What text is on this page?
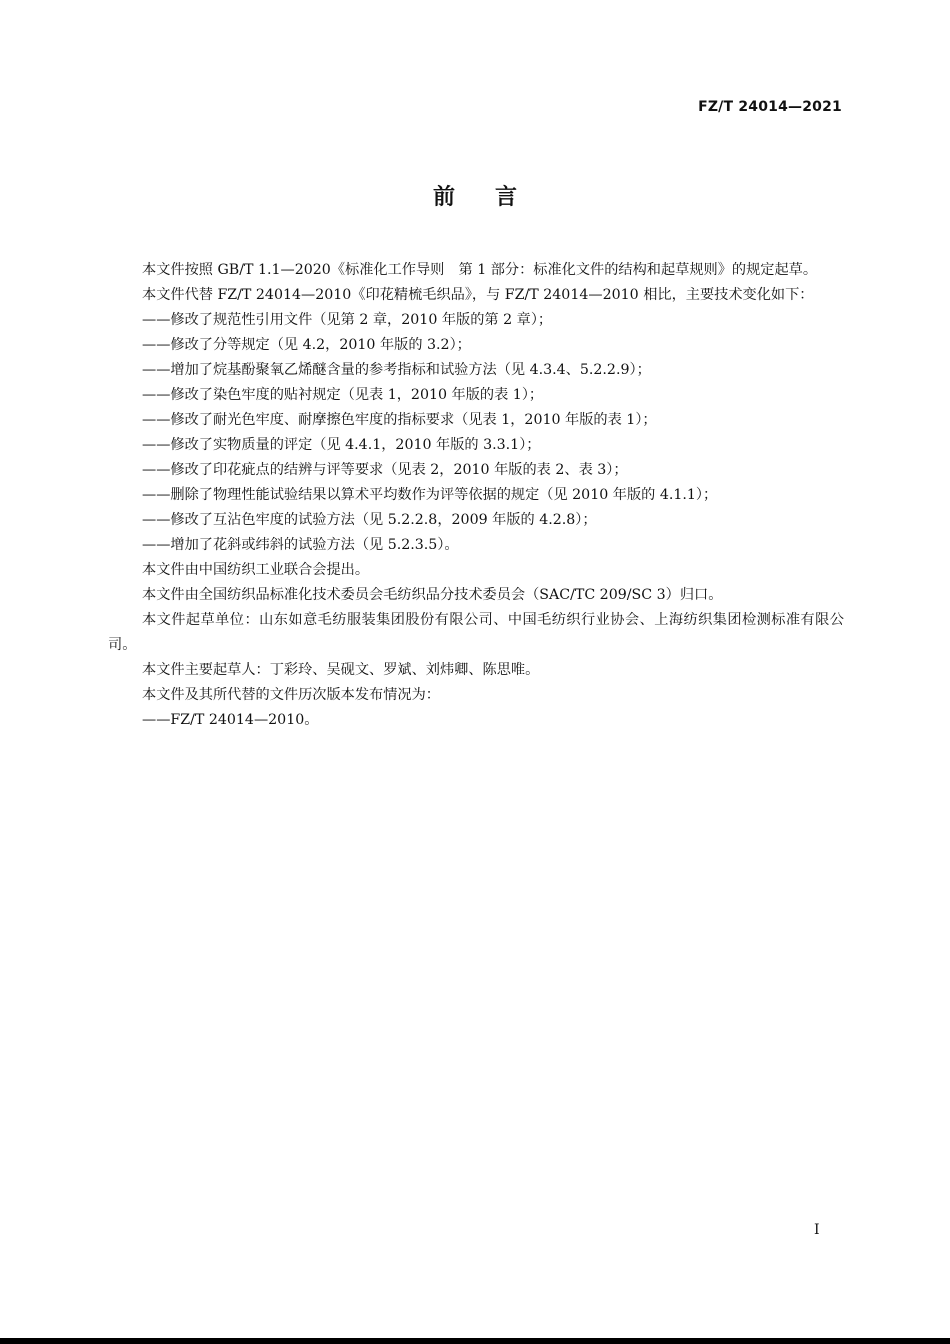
FZ/T 24014—2021
前言

本文件按照 GB/T 1.1—2020《标准化工作导则　第 1 部分：标准化文件的结构和起草规则》的规定起草。

本文件代替 FZ/T 24014—2010《印花精梳毛织品》，与 FZ/T 24014—2010 相比，主要技术变化如下：

——修改了规范性引用文件（见第 2 章，2010 年版的第 2 章）；

——修改了分等规定（见 4.2，2010 年版的 3.2）；

——增加了烷基酚聚氧乙烯醚含量的参考指标和试验方法（见 4.3.4、5.2.2.9）；

——修改了染色牢度的贴衬规定（见表 1，2010 年版的表 1）；

——修改了耐光色牢度、耐摩擦色牢度的指标要求（见表 1，2010 年版的表 1）；

——修改了实物质量的评定（见 4.4.1，2010 年版的 3.3.1）；

——修改了印花疵点的结辨与评等要求（见表 2，2010 年版的表 2、表 3）；

——删除了物理性能试验结果以算术平均数作为评等依据的规定（见 2010 年版的 4.1.1）；

——修改了互沾色牢度的试验方法（见 5.2.2.8，2009 年版的 4.2.8）；

——增加了花斜或纬斜的试验方法（见 5.2.3.5）。

本文件由中国纺织工业联合会提出。

本文件由全国纺织品标准化技术委员会毛纺织品分技术委员会（SAC/TC 209/SC 3）归口。

本文件起草单位：山东如意毛纺服装集团股份有限公司、中国毛纺织行业协会、上海纺织集团检测标准有限公司。

本文件主要起草人：丁彩玲、吴砚文、罗斌、刘炜卿、陈思唯。

本文件及其所代替的文件历次版本发布情况为：

——FZ/T 24014—2010。

I
